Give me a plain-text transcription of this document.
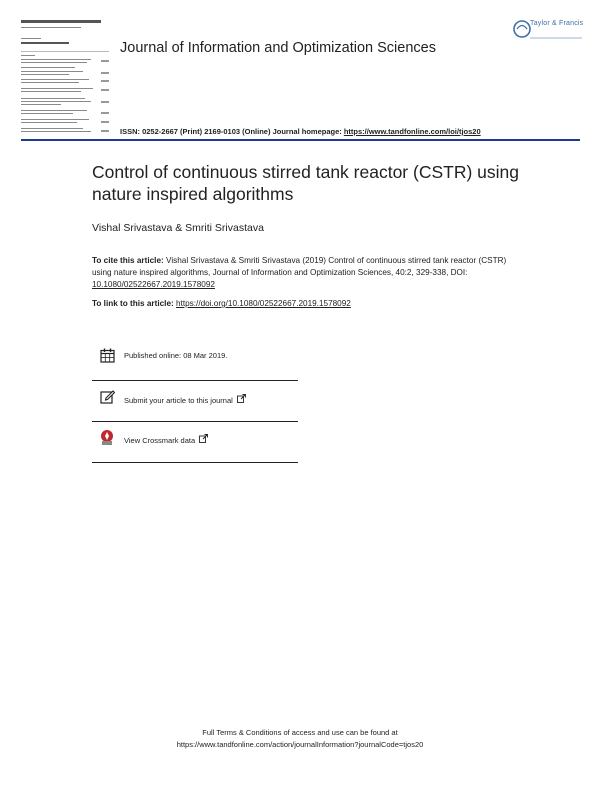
Taylor & Francis
Journal of Information and Optimization Sciences
ISSN: 0252-2667 (Print) 2169-0103 (Online) Journal homepage: https://www.tandfonline.com/loi/tjos20
Control of continuous stirred tank reactor (CSTR) using nature inspired algorithms
Vishal Srivastava & Smriti Srivastava
To cite this article: Vishal Srivastava & Smriti Srivastava (2019) Control of continuous stirred tank reactor (CSTR) using nature inspired algorithms, Journal of Information and Optimization Sciences, 40:2, 329-338, DOI: 10.1080/02522667.2019.1578092
To link to this article: https://doi.org/10.1080/02522667.2019.1578092
Published online: 08 Mar 2019.
Submit your article to this journal
View Crossmark data
Full Terms & Conditions of access and use can be found at
https://www.tandfonline.com/action/journalInformation?journalCode=tjos20
